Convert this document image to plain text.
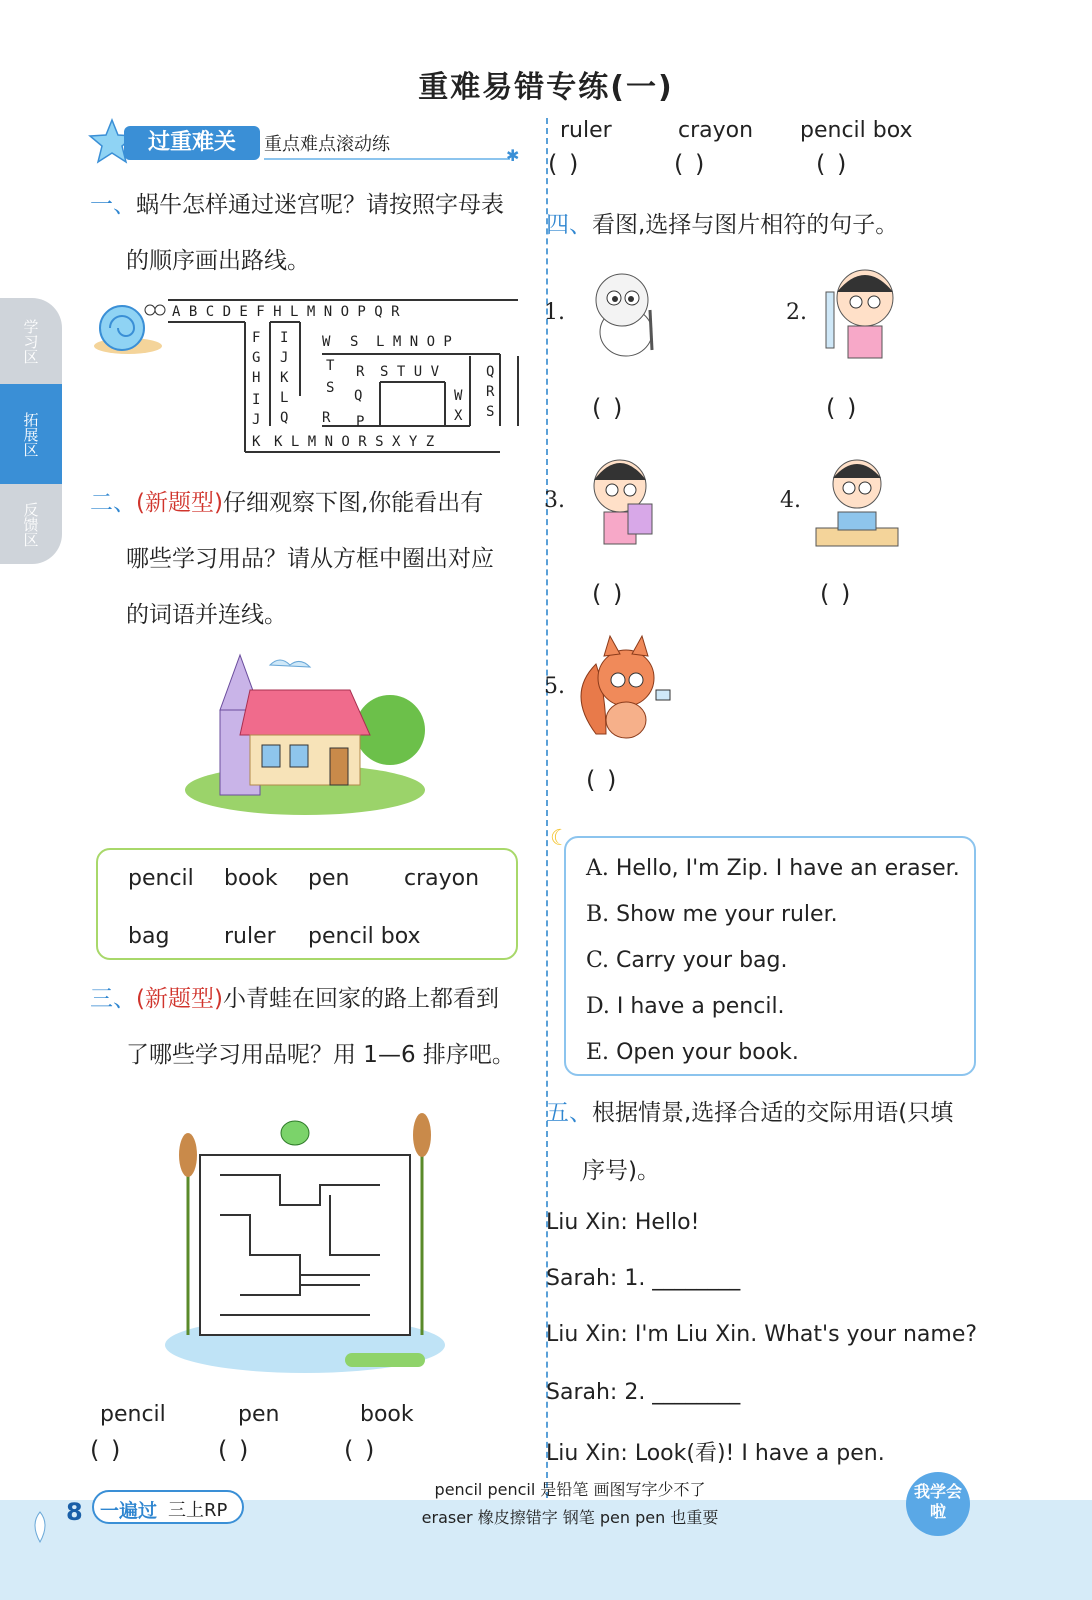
重难易错专练(一)
学习区
拓展区
反馈区
过重难关	重点难点滚动练
✱
一、蜗牛怎样通过迷宫呢？请按照字母表
的顺序画出路线。
A B C D E F H L M N O P Q R
F I W S L M N O P
G J	T
H K	R S T U V	Q
S
L	Q	R
I	W
J Q R P	X S
K K L M N O R S X Y Z
二、(新题型)仔细观察下图,你能看出有
哪些学习用品？请从方框中圈出对应
的词语并连线。
pencil book pen crayon
bag ruler pencil box
三、(新题型)小青蛙在回家的路上都看到
了哪些学习用品呢？用 1—6 排序吧。
pencil	pen	book
( )	( )	( )
ruler	crayon pencil box
( )	( )	( )
四、看图,选择与图片相符的句子。
1.	2.
( )	( )
3.	4.
( )	( )
5.
( )
☾
A. Hello, I'm Zip. I have an eraser.
B. Show me your ruler.
C. Carry your bag.
D. I have a pencil.
E. Open your book.
五、根据情景,选择合适的交际用语(只填
序号)。
Liu Xin: Hello!
Sarah: 1. ________
Liu Xin: I'm Liu Xin. What's your name?
Sarah: 2. ________
Liu Xin: Look(看)! I have a pen.
8 一遍过 三上RP
pencil pencil 是铅笔 画图写字少不了
eraser 橡皮擦错字 钢笔 pen pen 也重要
我学会啦
